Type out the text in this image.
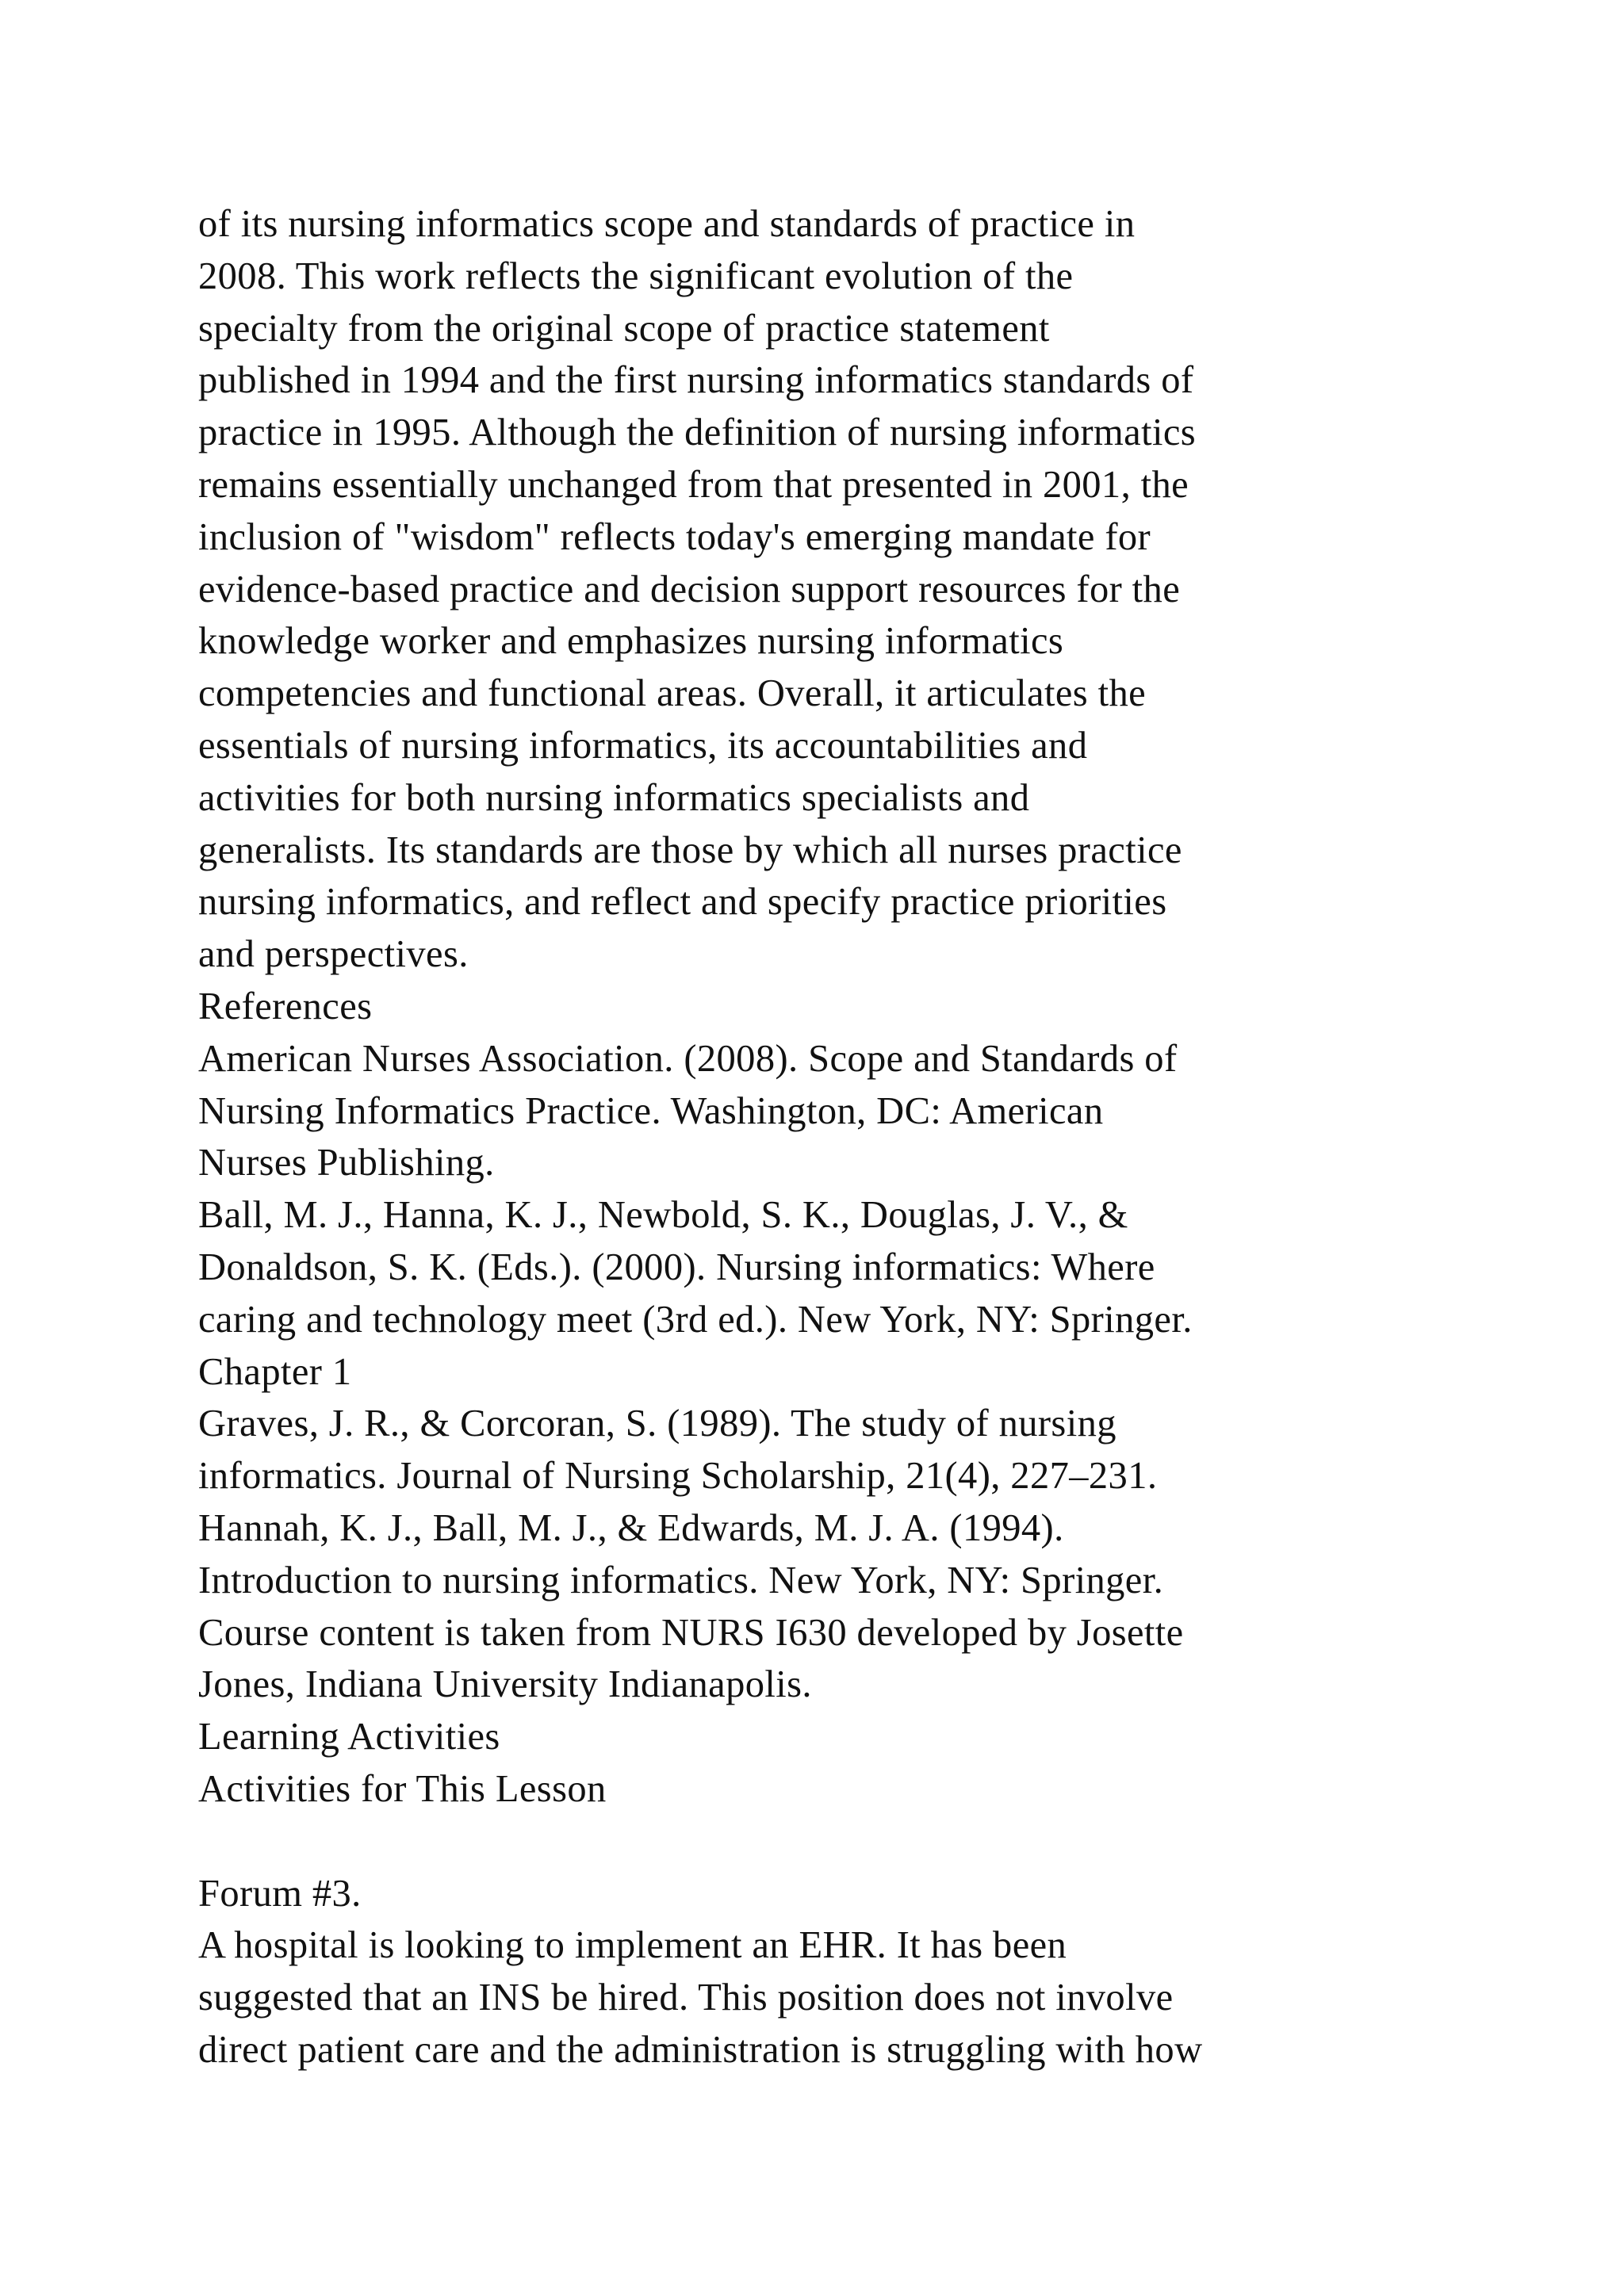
of its nursing informatics scope and standards of practice in
2008. This work reflects the significant evolution of the
specialty from the original scope of practice statement
published in 1994 and the first nursing informatics standards of
practice in 1995. Although the definition of nursing informatics
remains essentially unchanged from that presented in 2001, the
inclusion of "wisdom" reflects today's emerging mandate for
evidence-based practice and decision support resources for the
knowledge worker and emphasizes nursing informatics
competencies and functional areas. Overall, it articulates the
essentials of nursing informatics, its accountabilities and
activities for both nursing informatics specialists and
generalists. Its standards are those by which all nurses practice
nursing informatics, and reflect and specify practice priorities
and perspectives.
References
American Nurses Association. (2008). Scope and Standards of
Nursing Informatics Practice. Washington, DC: American
Nurses Publishing.
Ball, M. J., Hanna, K. J., Newbold, S. K., Douglas, J. V., &
Donaldson, S. K. (Eds.). (2000). Nursing informatics: Where
caring and technology meet (3rd ed.). New York, NY: Springer.
Chapter 1
Graves, J. R., & Corcoran, S. (1989). The study of nursing
informatics. Journal of Nursing Scholarship, 21(4), 227–231.
Hannah, K. J., Ball, M. J., & Edwards, M. J. A. (1994).
Introduction to nursing informatics. New York, NY: Springer.
Course content is taken from NURS I630 developed by Josette
Jones, Indiana University Indianapolis.
Learning Activities
Activities for This Lesson
Forum #3.
A hospital is looking to implement an EHR. It has been
suggested that an INS be hired. This position does not involve
direct patient care and the administration is struggling with how
